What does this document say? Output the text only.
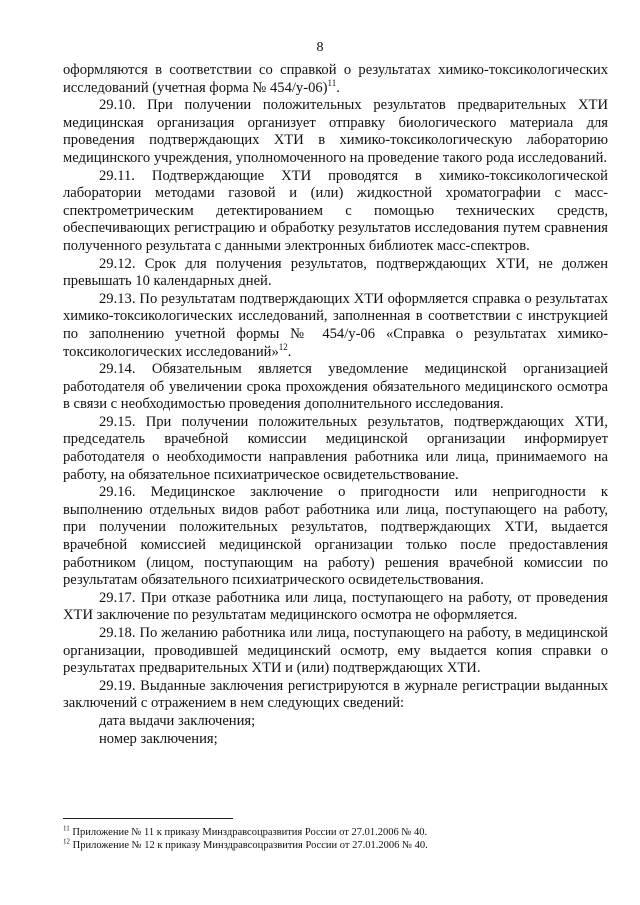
8

оформляются в соответствии со справкой о результатах химико-токсикологических исследований (учетная форма № 454/у-06)$^{11}$.

29.10. При получении положительных результатов предварительных ХТИ медицинская организация организует отправку биологического материала для проведения подтверждающих ХТИ в химико-токсикологическую лабораторию медицинского учреждения, уполномоченного на проведение такого рода исследований.

29.11. Подтверждающие ХТИ проводятся в химико-токсикологической лаборатории методами газовой и (или) жидкостной хроматографии с масс-спектрометрическим детектированием с помощью технических средств, обеспечивающих регистрацию и обработку результатов исследования путем сравнения полученного результата с данными электронных библиотек масс-спектров.

29.12. Срок для получения результатов, подтверждающих ХТИ, не должен превышать 10 календарных дней.

29.13. По результатам подтверждающих ХТИ оформляется справка о результатах химико-токсикологических исследований, заполненная в соответствии с инструкцией по заполнению учетной формы № 454/у-06 «Справка о результатах химико-токсикологических исследований»$^{12}$.

29.14. Обязательным является уведомление медицинской организацией работодателя об увеличении срока прохождения обязательного медицинского осмотра в связи с необходимостью проведения дополнительного исследования.

29.15. При получении положительных результатов, подтверждающих ХТИ, председатель врачебной комиссии медицинской организации информирует работодателя о необходимости направления работника или лица, принимаемого на работу, на обязательное психиатрическое освидетельствование.

29.16. Медицинское заключение о пригодности или непригодности к выполнению отдельных видов работ работника или лица, поступающего на работу, при получении положительных результатов, подтверждающих ХТИ, выдается врачебной комиссией медицинской организации только после предоставления работником (лицом, поступающим на работу) решения врачебной комиссии по результатам обязательного психиатрического освидетельствования.

29.17. При отказе работника или лица, поступающего на работу, от проведения ХТИ заключение по результатам медицинского осмотра не оформляется.

29.18. По желанию работника или лица, поступающего на работу, в медицинской организации, проводившей медицинский осмотр, ему выдается копия справки о результатах предварительных ХТИ и (или) подтверждающих ХТИ.

29.19. Выданные заключения регистрируются в журнале регистрации выданных заключений с отражением в нем следующих сведений:

дата выдачи заключения;

номер заключения;

$^{11}$ Приложение № 11 к приказу Минздравсоцразвития России от 27.01.2006 № 40.

$^{12}$ Приложение № 12 к приказу Минздравсоцразвития России от 27.01.2006 № 40.
